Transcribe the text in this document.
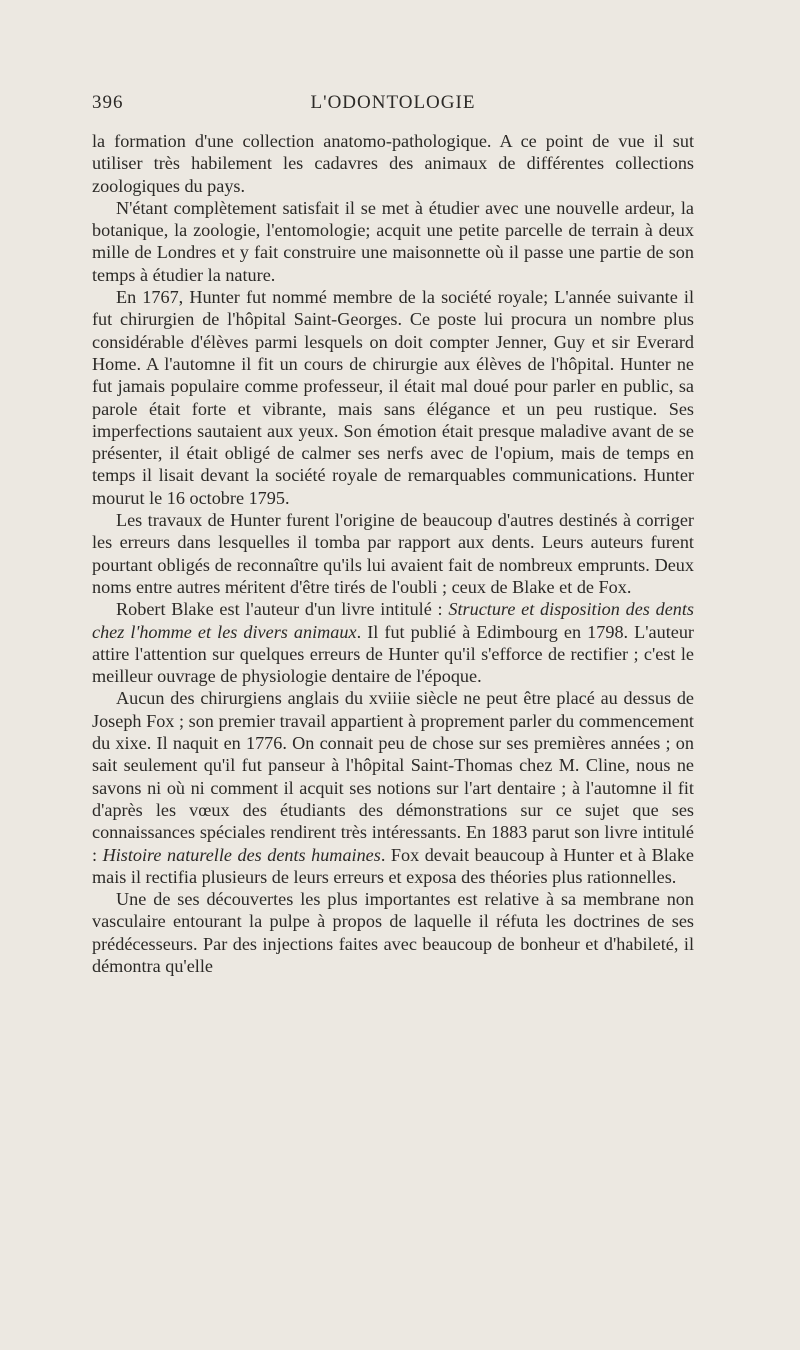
396	L'ODONTOLOGIE

la formation d'une collection anatomo-pathologique. A ce point de vue il sut utiliser très habilement les cadavres des animaux de différentes collections zoologiques du pays.

N'étant complètement satisfait il se met à étudier avec une nouvelle ardeur, la botanique, la zoologie, l'entomologie; acquit une petite parcelle de terrain à deux mille de Londres et y fait construire une maisonnette où il passe une partie de son temps à étudier la nature.

En 1767, Hunter fut nommé membre de la société royale; L'année suivante il fut chirurgien de l'hôpital Saint-Georges. Ce poste lui procura un nombre plus considérable d'élèves parmi lesquels on doit compter Jenner, Guy et sir Everard Home. A l'automne il fit un cours de chirurgie aux élèves de l'hôpital. Hunter ne fut jamais populaire comme professeur, il était mal doué pour parler en public, sa parole était forte et vibrante, mais sans élégance et un peu rustique. Ses imperfections sautaient aux yeux. Son émotion était presque maladive avant de se présenter, il était obligé de calmer ses nerfs avec de l'opium, mais de temps en temps il lisait devant la société royale de remarquables communications. Hunter mourut le 16 octobre 1795.

Les travaux de Hunter furent l'origine de beaucoup d'autres destinés à corriger les erreurs dans lesquelles il tomba par rapport aux dents. Leurs auteurs furent pourtant obligés de reconnaître qu'ils lui avaient fait de nombreux emprunts. Deux noms entre autres méritent d'être tirés de l'oubli ; ceux de Blake et de Fox.

Robert Blake est l'auteur d'un livre intitulé : Structure et disposition des dents chez l'homme et les divers animaux. Il fut publié à Edimbourg en 1798. L'auteur attire l'attention sur quelques erreurs de Hunter qu'il s'efforce de rectifier ; c'est le meilleur ouvrage de physiologie dentaire de l'époque.

Aucun des chirurgiens anglais du xviiie siècle ne peut être placé au dessus de Joseph Fox ; son premier travail appartient à proprement parler du commencement du xixe. Il naquit en 1776. On connait peu de chose sur ses premières années ; on sait seulement qu'il fut panseur à l'hôpital Saint-Thomas chez M. Cline, nous ne savons ni où ni comment il acquit ses notions sur l'art dentaire ; à l'automne il fit d'après les vœux des étudiants des démonstrations sur ce sujet que ses connaissances spéciales rendirent très intéressants. En 1883 parut son livre intitulé : Histoire naturelle des dents humaines. Fox devait beaucoup à Hunter et à Blake mais il rectifia plusieurs de leurs erreurs et exposa des théories plus rationnelles.

Une de ses découvertes les plus importantes est relative à sa membrane non vasculaire entourant la pulpe à propos de laquelle il réfuta les doctrines de ses prédécesseurs. Par des injections faites avec beaucoup de bonheur et d'habileté, il démontra qu'elle
